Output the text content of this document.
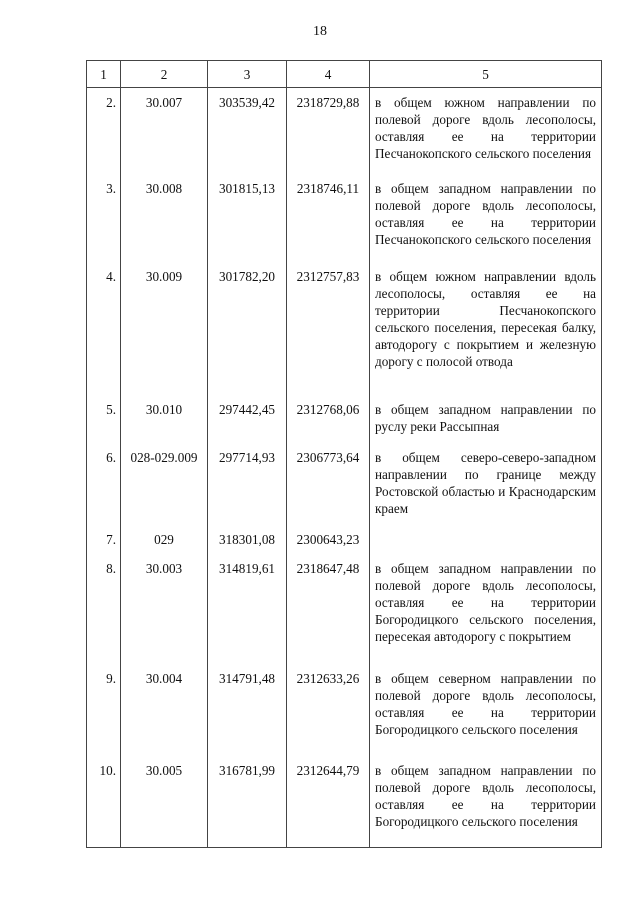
18
1	2	3	4	5
2.	30.007	303539,42	2318729,88	в общем южном направлении по полевой дороге вдоль лесополосы, оставляя ее на территории Песчанокопского сельского поселения
3.	30.008	301815,13	2318746,11	в общем западном направлении по полевой дороге вдоль лесополосы, оставляя ее на территории Песчанокопского сельского поселения
4.	30.009	301782,20	2312757,83	в общем южном направлении вдоль лесополосы, оставляя ее на территории Песчанокопского сельского поселения, пересекая балку, автодорогу с покрытием и железную дорогу с полосой отвода
5.	30.010	297442,45	2312768,06	в общем западном направлении по руслу реки Рассыпная
6.	028-029.009	297714,93	2306773,64	в общем северо-северо-западном направлении по границе между Ростовской областью и Краснодарским краем
7.	029	318301,08	2300643,23	
8.	30.003	314819,61	2318647,48	в общем западном направлении по полевой дороге вдоль лесополосы, оставляя ее на территории Богородицкого сельского поселения, пересекая автодорогу с покрытием
9.	30.004	314791,48	2312633,26	в общем северном направлении по полевой дороге вдоль лесополосы, оставляя ее на территории Богородицкого сельского поселения
10.	30.005	316781,99	2312644,79	в общем западном направлении по полевой дороге вдоль лесополосы, оставляя ее на территории Богородицкого сельского поселения
